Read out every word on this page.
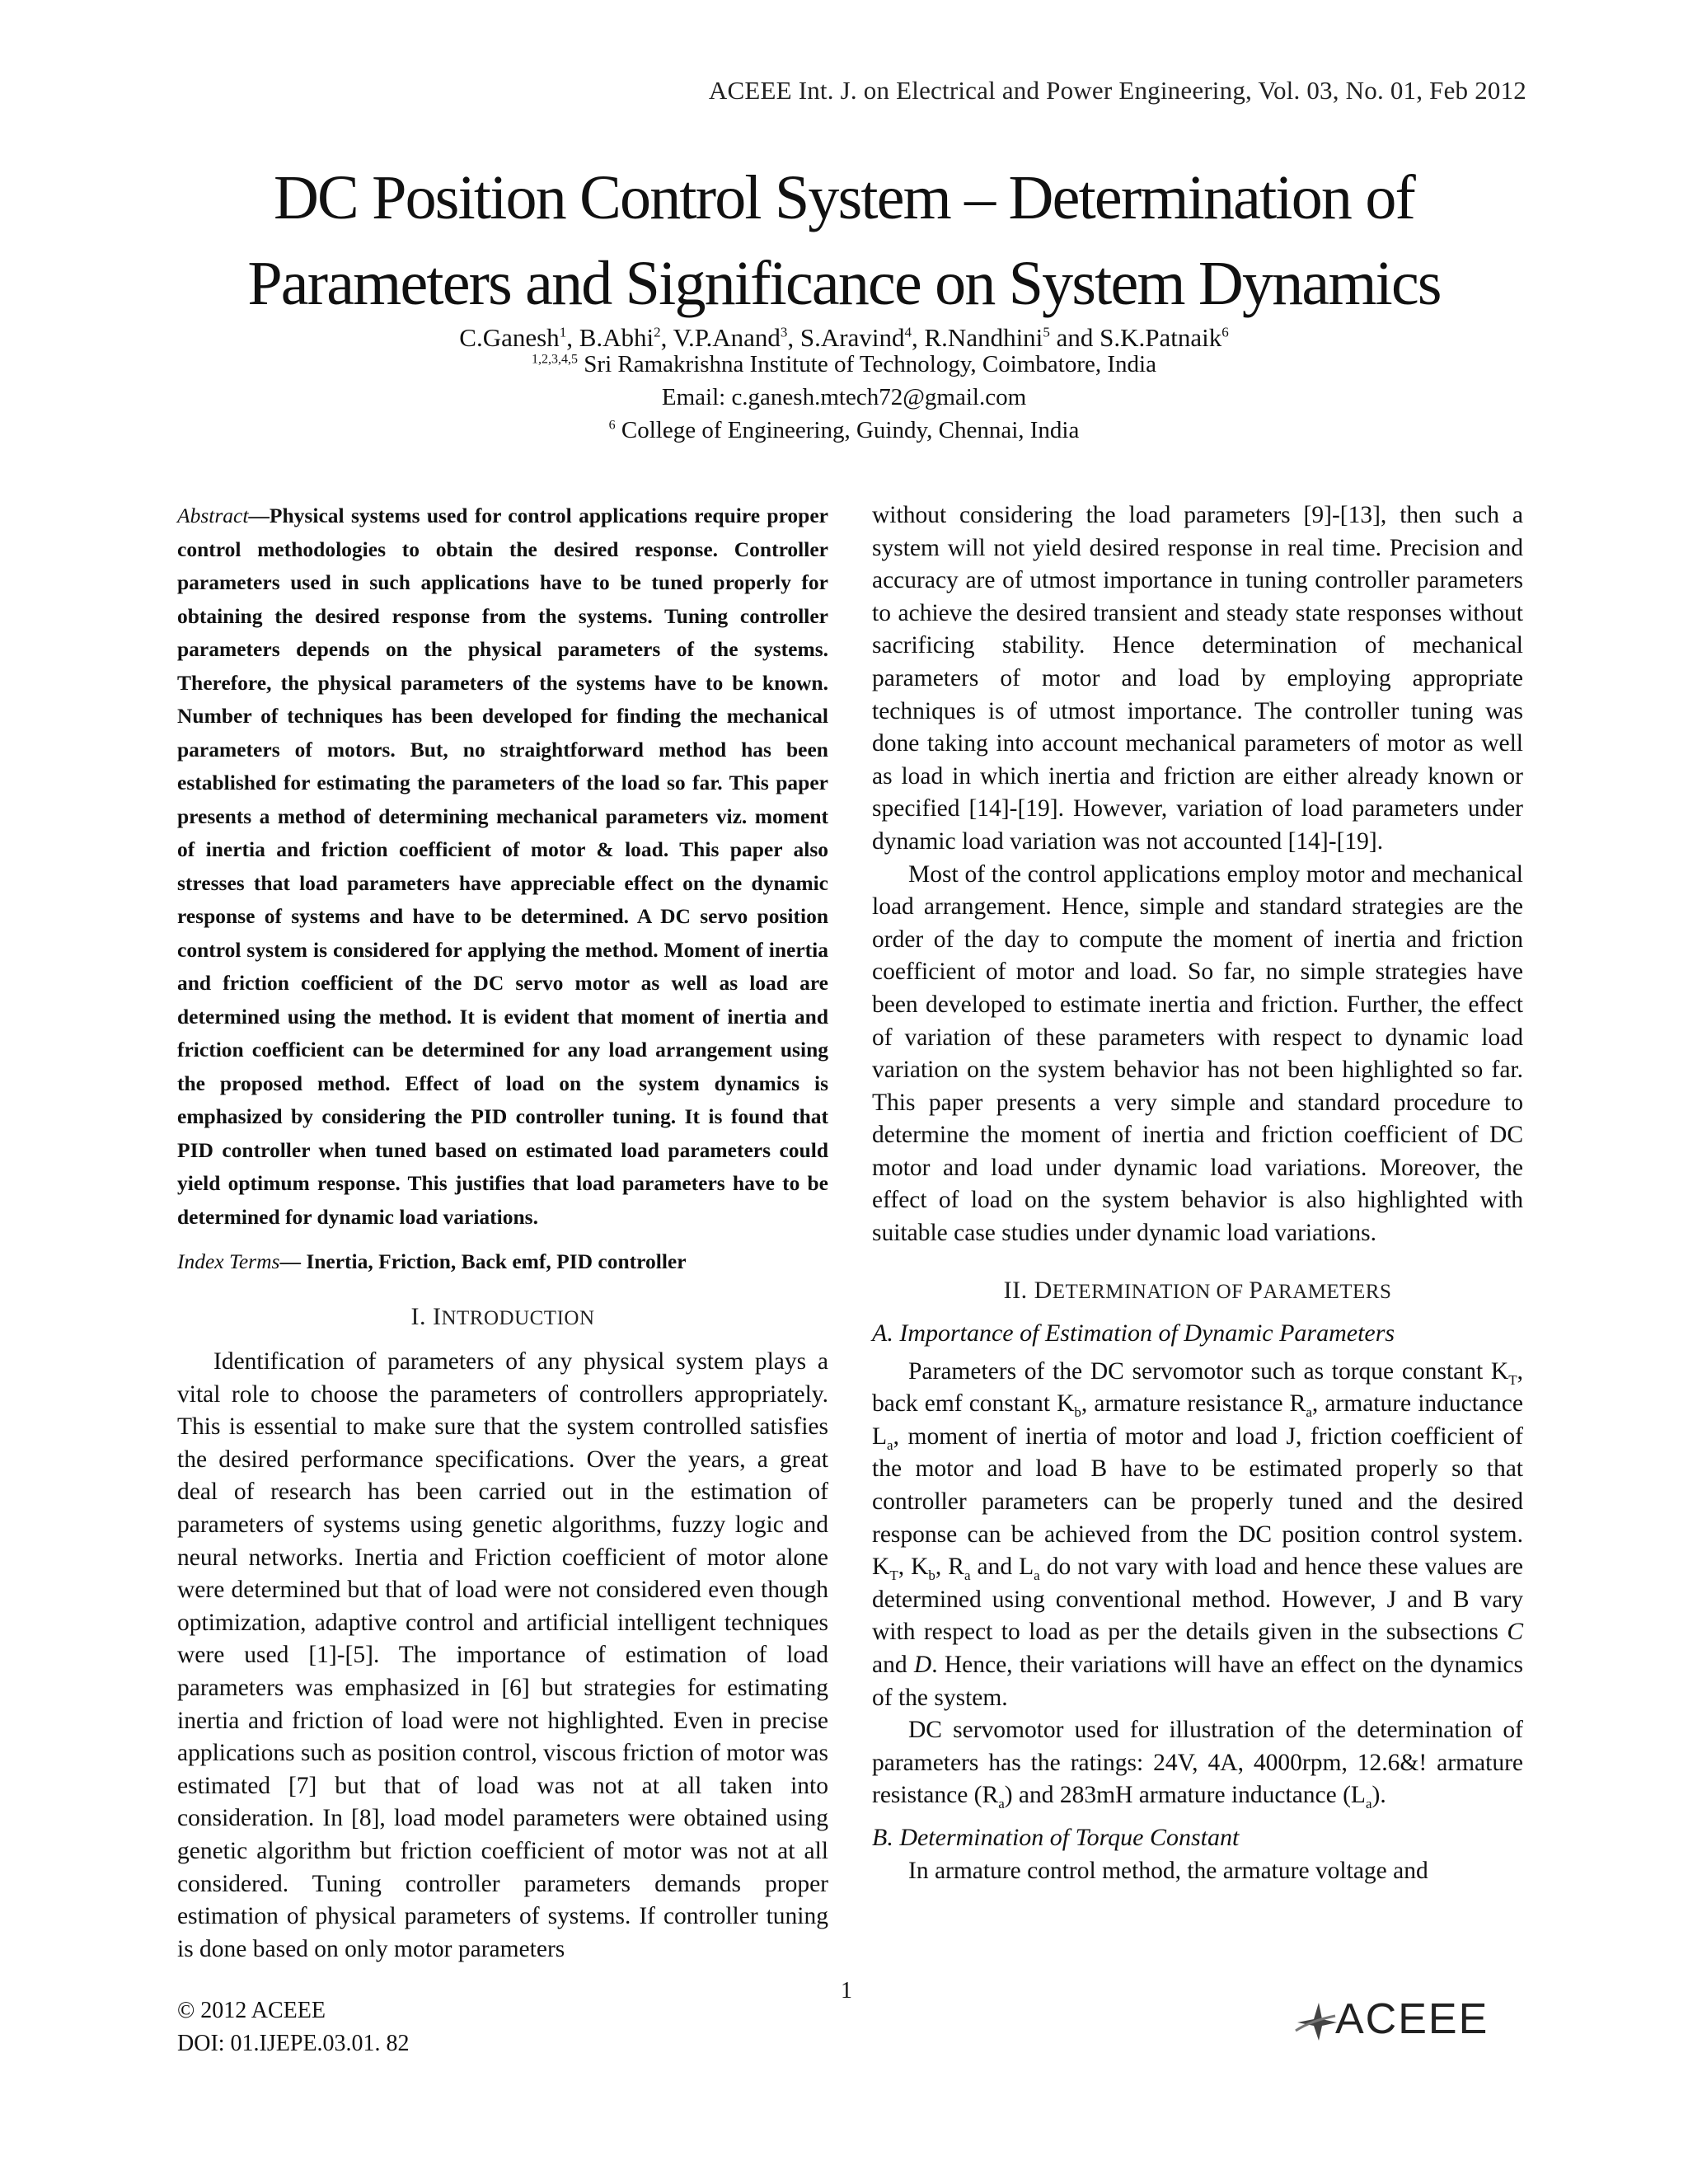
ACEEE Int. J. on Electrical and Power Engineering, Vol. 03, No. 01, Feb 2012
DC Position Control System – Determination of
Parameters and Significance on System Dynamics
C.Ganesh$^1$, B.Abhi$^2$, V.P.Anand$^3$, S.Aravind$^4$, R.Nandhini$^5$ and S.K.Patnaik$^6$
$^{1,2,3,4,5}$ Sri Ramakrishna Institute of Technology, Coimbatore, India
Email: c.ganesh.mtech72@gmail.com
$^6$ College of Engineering, Guindy, Chennai, India

Abstract—Physical systems used for control applications require proper control methodologies to obtain the desired response. Controller parameters used in such applications have to be tuned properly for obtaining the desired response from the systems. Tuning controller parameters depends on the physical parameters of the systems. Therefore, the physical parameters of the systems have to be known. Number of techniques has been developed for finding the mechanical parameters of motors. But, no straightforward method has been established for estimating the parameters of the load so far. This paper presents a method of determining mechanical parameters viz. moment of inertia and friction coefficient of motor & load. This paper also stresses that load parameters have appreciable effect on the dynamic response of systems and have to be determined. A DC servo position control system is considered for applying the method. Moment of inertia and friction coefficient of the DC servo motor as well as load are determined using the method. It is evident that moment of inertia and friction coefficient can be determined for any load arrangement using the proposed method. Effect of load on the system dynamics is emphasized by considering the PID controller tuning. It is found that PID controller when tuned based on estimated load parameters could yield optimum response. This justifies that load parameters have to be determined for dynamic load variations.

Index Terms— Inertia, Friction, Back emf, PID controller

I. INTRODUCTION

Identification of parameters of any physical system plays a vital role to choose the parameters of controllers appropriately. This is essential to make sure that the system controlled satisfies the desired performance specifications. Over the years, a great deal of research has been carried out in the estimation of parameters of systems using genetic algorithms, fuzzy logic and neural networks. Inertia and Friction coefficient of motor alone were determined but that of load were not considered even though optimization, adaptive control and artificial intelligent techniques were used [1]-[5]. The importance of estimation of load parameters was emphasized in [6] but strategies for estimating inertia and friction of load were not highlighted. Even in precise applications such as position control, viscous friction of motor was estimated [7] but that of load was not at all taken into consideration. In [8], load model parameters were obtained using genetic algorithm but friction coefficient of motor was not at all considered. Tuning controller parameters demands proper estimation of physical parameters of systems. If controller tuning is done based on only motor parameters

without considering the load parameters [9]-[13], then such a system will not yield desired response in real time. Precision and accuracy are of utmost importance in tuning controller parameters to achieve the desired transient and steady state responses without sacrificing stability. Hence determination of mechanical parameters of motor and load by employing appropriate techniques is of utmost importance. The controller tuning was done taking into account mechanical parameters of motor as well as load in which inertia and friction are either already known or specified [14]-[19]. However, variation of load parameters under dynamic load variation was not accounted [14]-[19].

Most of the control applications employ motor and mechanical load arrangement. Hence, simple and standard strategies are the order of the day to compute the moment of inertia and friction coefficient of motor and load. So far, no simple strategies have been developed to estimate inertia and friction. Further, the effect of variation of these parameters with respect to dynamic load variation on the system behavior has not been highlighted so far. This paper presents a very simple and standard procedure to determine the moment of inertia and friction coefficient of DC motor and load under dynamic load variations. Moreover, the effect of load on the system behavior is also highlighted with suitable case studies under dynamic load variations.

II. DETERMINATION OF PARAMETERS

A. Importance of Estimation of Dynamic Parameters

Parameters of the DC servomotor such as torque constant $K_T$, back emf constant $K_b$, armature resistance $R_a$, armature inductance $L_a$, moment of inertia of motor and load J, friction coefficient of the motor and load B have to be estimated properly so that controller parameters can be properly tuned and the desired response can be achieved from the DC position control system. $K_T$, $K_b$, $R_a$ and $L_a$ do not vary with load and hence these values are determined using conventional method. However, J and B vary with respect to load as per the details given in the subsections C and D. Hence, their variations will have an effect on the dynamics of the system.

DC servomotor used for illustration of the determination of parameters has the ratings: 24V, 4A, 4000rpm, 12.6&! armature resistance $(R_a)$ and 283mH armature inductance $(L_a)$.

B. Determination of Torque Constant

In armature control method, the armature voltage and

1
© 2012 ACEEE
DOI: 01.IJEPE.03.01. 82
ACEEE
